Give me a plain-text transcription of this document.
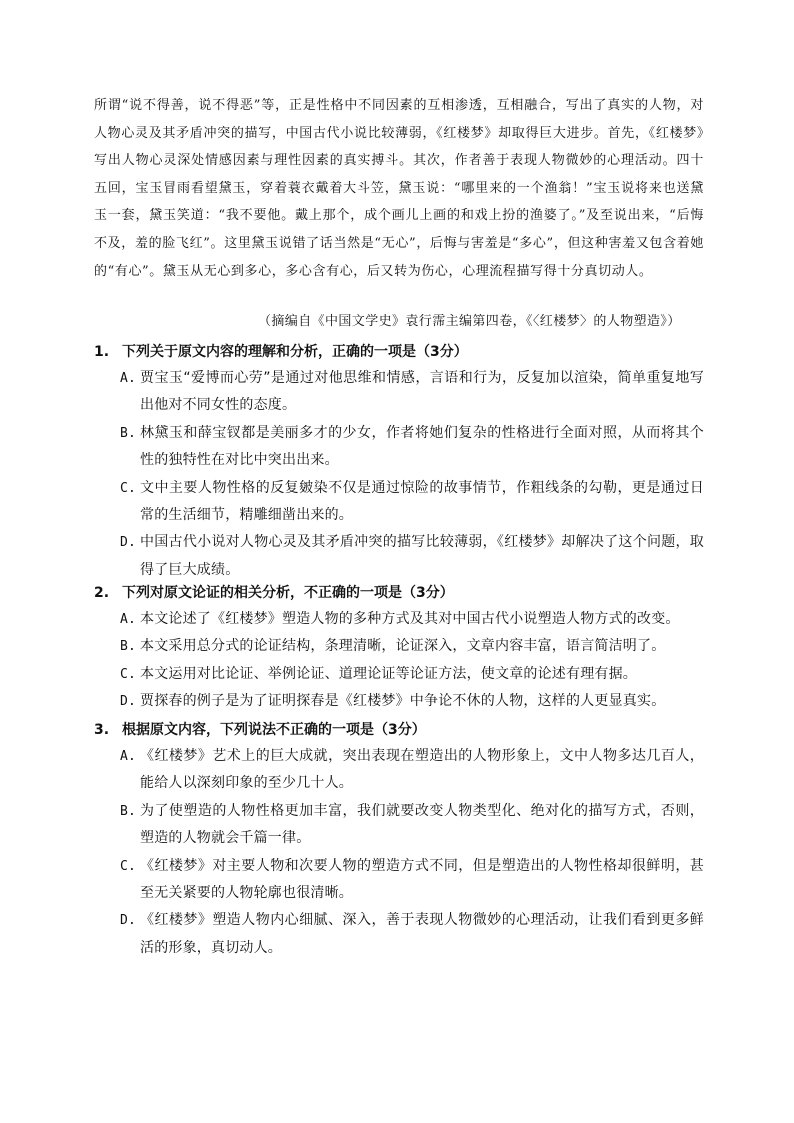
所谓“说不得善，说不得恶”等，正是性格中不同因素的互相渗透，互相融合，写出了真实的人物，对人物心灵及其矛盾冲突的描写，中国古代小说比较薄弱，《红楼梦》却取得巨大进步。首先，《红楼梦》写出人物心灵深处情感因素与理性因素的真实搏斗。其次，作者善于表现人物微妙的心理活动。四十五回，宝玉冒雨看望黛玉，穿着蓑衣戴着大斗笠，黛玉说：“哪里来的一个渔翁！”宝玉说将来也送黛玉一套，黛玉笑道：“我不要他。戴上那个，成个画儿上画的和戏上扮的渔婆了。”及至说出来，“后悔不及，羞的脸飞红”。这里黛玉说错了话当然是“无心”，后悔与害羞是“多心”，但这种害羞又包含着她的“有心”。黛玉从无心到多心，多心含有心，后又转为伤心，心理流程描写得十分真切动人。

（摘编自《中国文学史》袁行霈主编第四卷，《〈红楼梦〉的人物塑造》）
1. 下列关于原文内容的理解和分析，正确的一项是（3分）
A. 贾宝玉“爱博而心劳”是通过对他思维和情感，言语和行为，反复加以渲染，简单重复地写出他对不同女性的态度。
B. 林黛玉和薛宝钗都是美丽多才的少女，作者将她们复杂的性格进行全面对照，从而将其个性的独特性在对比中突出出来。
C. 文中主要人物性格的反复皴染不仅是通过惊险的故事情节，作粗线条的勾勒，更是通过日常的生活细节，精雕细凿出来的。
D. 中国古代小说对人物心灵及其矛盾冲突的描写比较薄弱，《红楼梦》却解决了这个问题，取得了巨大成绩。
2. 下列对原文论证的相关分析，不正确的一项是（3分）
A. 本文论述了《红楼梦》塑造人物的多种方式及其对中国古代小说塑造人物方式的改变。
B. 本文采用总分式的论证结构，条理清晰，论证深入，文章内容丰富，语言简洁明了。
C. 本文运用对比论证、举例论证、道理论证等论证方法，使文章的论述有理有据。
D. 贾探春的例子是为了证明探春是《红楼梦》中争论不休的人物，这样的人更显真实。
3. 根据原文内容，下列说法不正确的一项是（3分）
A. 《红楼梦》艺术上的巨大成就，突出表现在塑造出的人物形象上，文中人物多达几百人，能给人以深刻印象的至少几十人。
B. 为了使塑造的人物性格更加丰富，我们就要改变人物类型化、绝对化的描写方式，否则，塑造的人物就会千篇一律。
C. 《红楼梦》对主要人物和次要人物的塑造方式不同，但是塑造出的人物性格却很鲜明，甚至无关紧要的人物轮廓也很清晰。
D. 《红楼梦》塑造人物内心细腻、深入，善于表现人物微妙的心理活动，让我们看到更多鲜活的形象，真切动人。
